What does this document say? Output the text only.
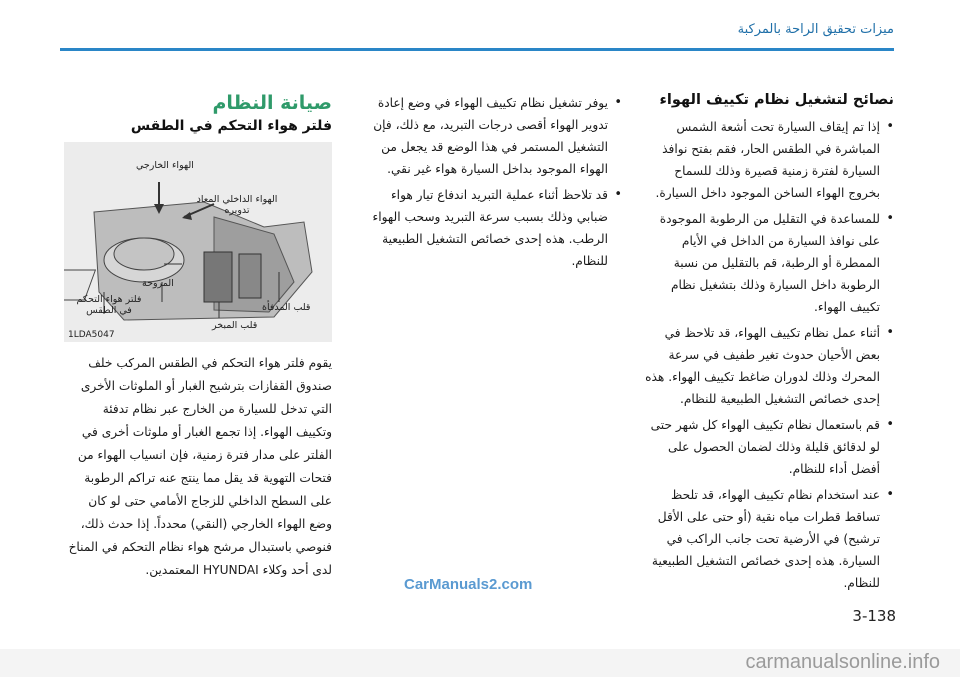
ميزات تحقيق الراحة بالمركبة
نصائح لتشغيل نظام تكييف الهواء
• إذا تم إيقاف السيارة تحت أشعة الشمس المباشرة في الطقس الحار، فقم بفتح نوافذ السيارة لفترة زمنية قصيرة وذلك للسماح بخروج الهواء الساخن الموجود داخل السيارة.
• للمساعدة في التقليل من الرطوبة الموجودة على نوافذ السيارة من الداخل في الأيام الممطرة أو الرطبة، قم بالتقليل من نسبة الرطوبة داخل السيارة وذلك بتشغيل نظام تكييف الهواء.
• أثناء عمل نظام تكييف الهواء، قد تلاحظ في بعض الأحيان حدوث تغير طفيف في سرعة المحرك وذلك لدوران ضاغط تكييف الهواء. هذه إحدى خصائص التشغيل الطبيعية للنظام.
• قم باستعمال نظام تكييف الهواء كل شهر حتى لو لدقائق قليلة وذلك لضمان الحصول على أفضل أداء للنظام.
• عند استخدام نظام تكييف الهواء، قد تلحظ تساقط قطرات مياه نقية (أو حتى على الأقل ترشيح) في الأرضية تحت جانب الراكب في السيارة. هذه إحدى خصائص التشغيل الطبيعية للنظام.
• يوفر تشغيل نظام تكييف الهواء في وضع إعادة تدوير الهواء أقصى درجات التبريد، مع ذلك، فإن التشغيل المستمر في هذا الوضع قد يجعل من الهواء الموجود بداخل السيارة هواء غير نقي.
• قد تلاحظ أثناء عملية التبريد اندفاع تيار هواء ضبابي وذلك بسبب سرعة التبريد وسحب الهواء الرطب. هذه إحدى خصائص التشغيل الطبيعية للنظام.
صيانة النظام
فلتر هواء التحكم في الطقس
الهواء الخارجي
الهواء الداخلي المعاد تدويره
المروحة
فلتر هواء التحكم في الطقس
قلب المبخر
قلب المدفأة
1LDA5047

يقوم فلتر هواء التحكم في الطقس المركب خلف صندوق القفازات بترشيح الغبار أو الملوثات الأخرى التي تدخل للسيارة من الخارج عبر نظام تدفئة وتكييف الهواء. إذا تجمع الغبار أو ملوثات أخرى في الفلتر على مدار فترة زمنية، فإن انسياب الهواء من فتحات التهوية قد يقل مما ينتج عنه تراكم الرطوبة على السطح الداخلي للزجاج الأمامي حتى لو كان وضع الهواء الخارجي (النقي) محدداً. إذا حدث ذلك، فنوصي باستبدال مرشح هواء نظام التحكم في المناخ لدى أحد وكلاء HYUNDAI المعتمدين.

CarManuals2.com
3-138
carmanualsonline.info
